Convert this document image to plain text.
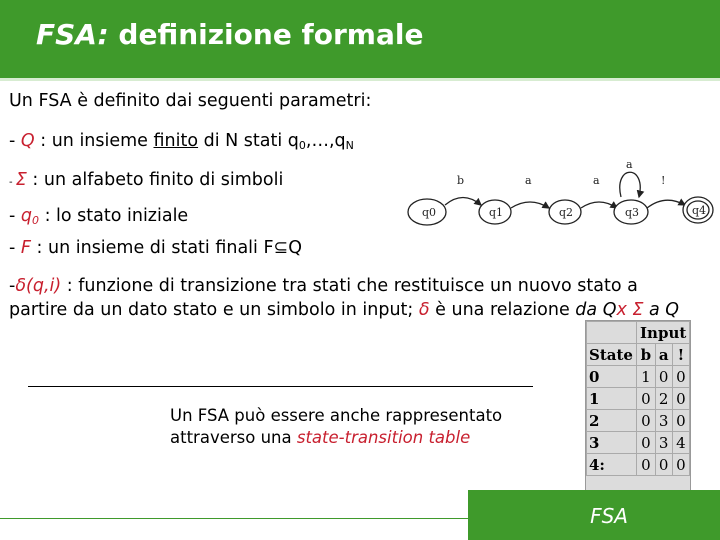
FSA: definizione formale
Un FSA è definito dai seguenti parametri:
- Q : un insieme finito di N stati $q_0,\dots,q_N$
- Σ : un alfabeto finito di simboli
- $q_0$ : lo stato iniziale
- F : un insieme di stati finali F⊆Q
-δ(q,i) : funzione di transizione tra stati che restituisce un nuovo stato a
partire da un dato stato e un simbolo in input; δ è una relazione da Qx Σ a Q
q0	q1	q2	q3	q4
b	a	a
a
!
	Input		
State	b	a	!
0	1	0	0
1	0	2	0
2	0	3	0
3	0	3	4
4:	0	0	0
Un FSA può essere anche rappresentato
attraverso una state-transition table
FSA
